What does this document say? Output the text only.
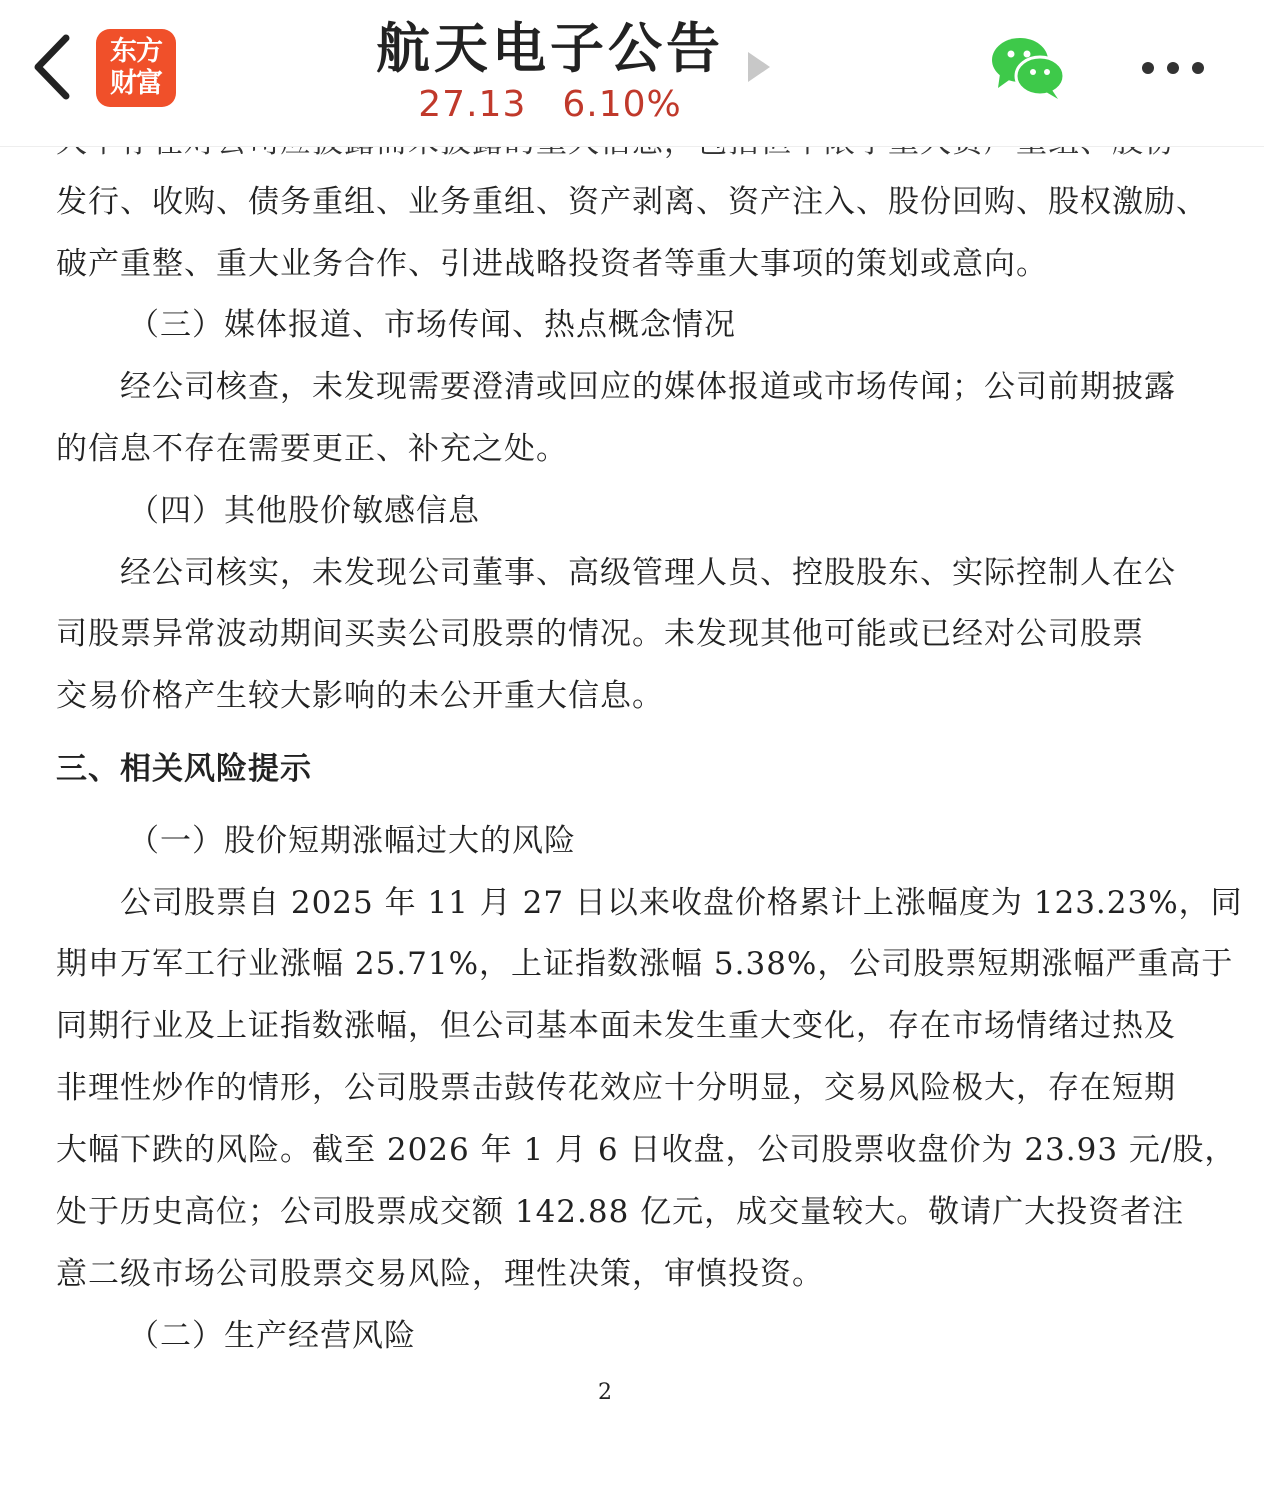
发行、收购、债务重组、业务重组、资产剥离、资产注入、股份回购、股权激励、
破产重整、重大业务合作、引进战略投资者等重大事项的策划或意向。
（三）媒体报道、市场传闻、热点概念情况
经公司核查，未发现需要澄清或回应的媒体报道或市场传闻；公司前期披露
的信息不存在需要更正、补充之处。
（四）其他股价敏感信息
经公司核实，未发现公司董事、高级管理人员、控股股东、实际控制人在公
司股票异常波动期间买卖公司股票的情况。未发现其他可能或已经对公司股票
交易价格产生较大影响的未公开重大信息。
三、相关风险提示
（一）股价短期涨幅过大的风险
公司股票自 2025 年 11 月 27 日以来收盘价格累计上涨幅度为 123.23%，同
期申万军工行业涨幅 25.71%，上证指数涨幅 5.38%，公司股票短期涨幅严重高于
同期行业及上证指数涨幅，但公司基本面未发生重大变化，存在市场情绪过热及
非理性炒作的情形，公司股票击鼓传花效应十分明显，交易风险极大，存在短期
大幅下跌的风险。截至 2026 年 1 月 6 日收盘，公司股票收盘价为 23.93 元/股，
处于历史高位；公司股票成交额 142.88 亿元，成交量较大。敬请广大投资者注
意二级市场公司股票交易风险，理性决策，审慎投资。
（二）生产经营风险
2
东方
财富
航天电子公告
27.13 6.10%
